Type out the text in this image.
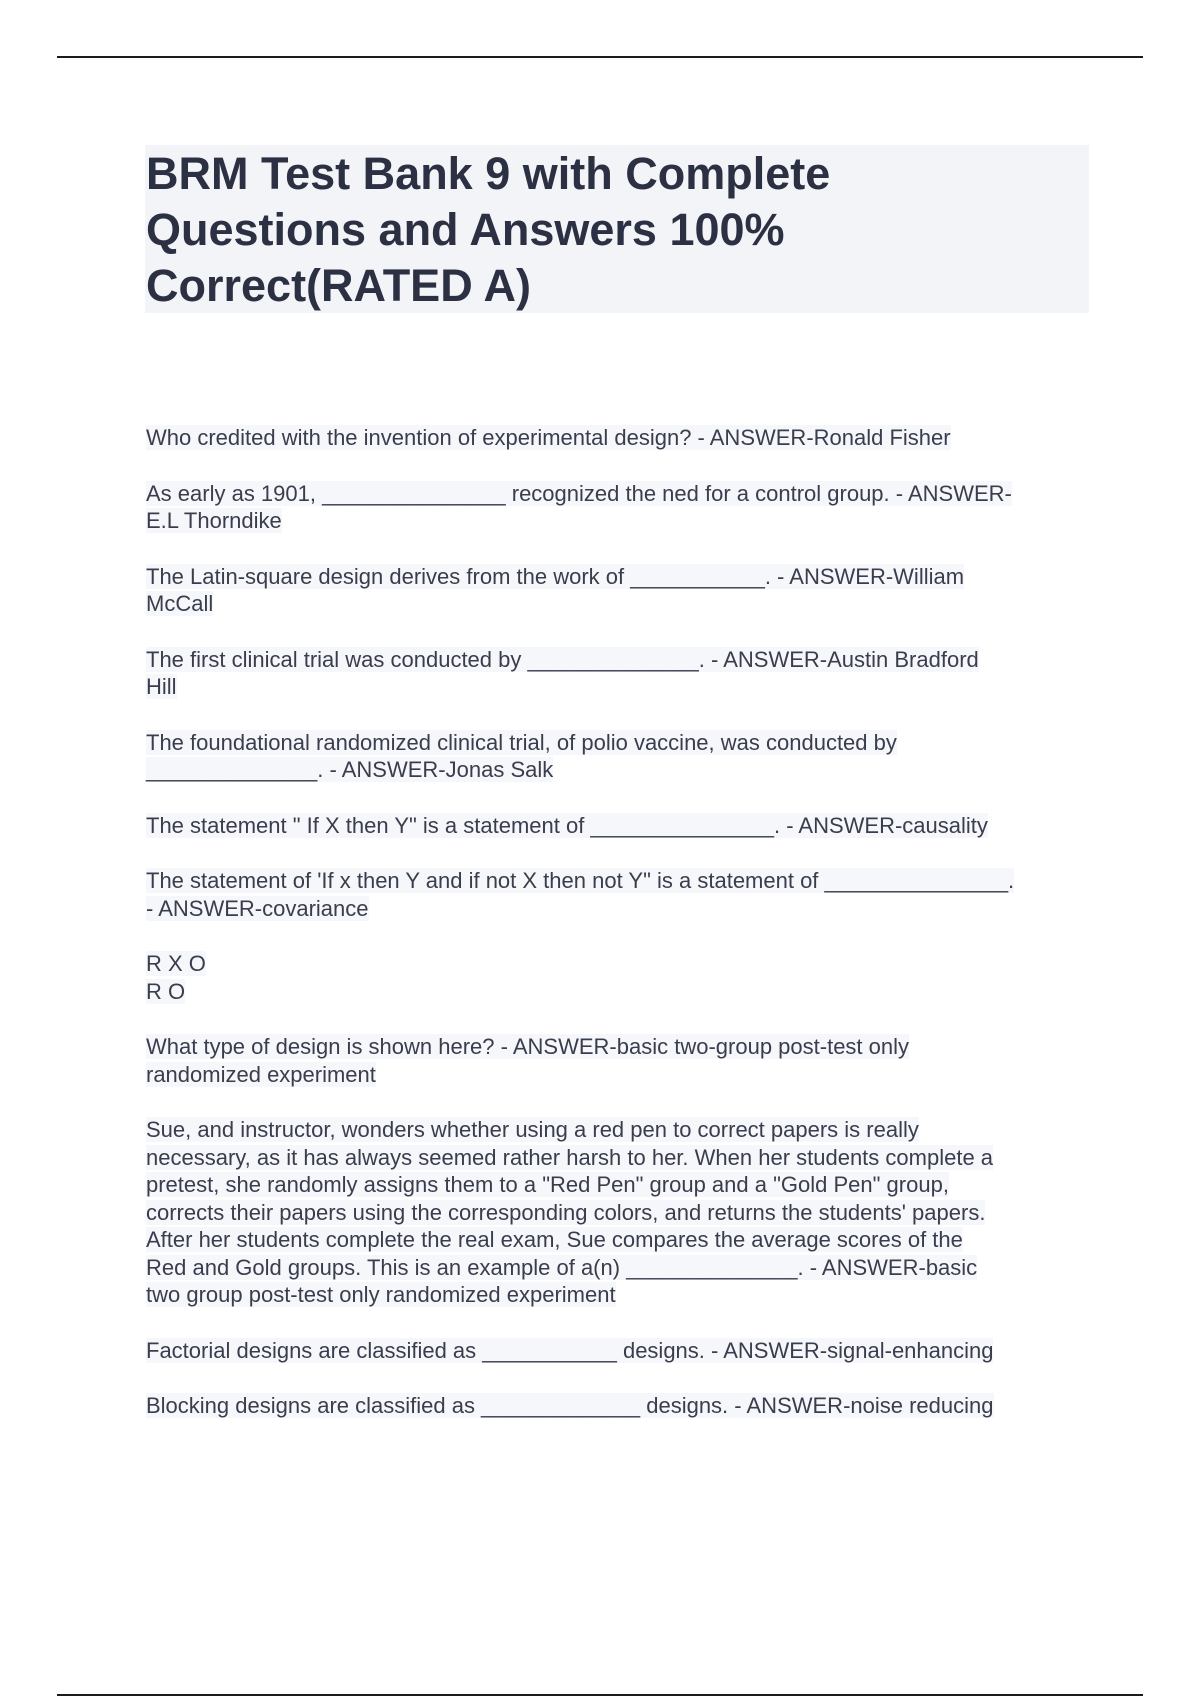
BRM Test Bank 9 with Complete Questions and Answers 100% Correct(RATED A)
Who credited with the invention of experimental design? - ANSWER-Ronald Fisher
As early as 1901, _______________ recognized the ned for a control group. - ANSWER-
E.L Thorndike
The Latin-square design derives from the work of ___________. - ANSWER-William
McCall
The first clinical trial was conducted by ______________. - ANSWER-Austin Bradford
Hill
The foundational randomized clinical trial, of polio vaccine, was conducted by
______________. - ANSWER-Jonas Salk
The statement " If X then Y" is a statement of _______________. - ANSWER-causality
The statement of 'If x then Y and if not X then not Y" is a statement of _______________.
- ANSWER-covariance
R X O
R O
What type of design is shown here? - ANSWER-basic two-group post-test only
randomized experiment
Sue, and instructor, wonders whether using a red pen to correct papers is really
necessary, as it has always seemed rather harsh to her. When her students complete a
pretest, she randomly assigns them to a "Red Pen" group and a "Gold Pen" group,
corrects their papers using the corresponding colors, and returns the students' papers.
After her students complete the real exam, Sue compares the average scores of the
Red and Gold groups. This is an example of a(n) ______________. - ANSWER-basic
two group post-test only randomized experiment
Factorial designs are classified as ___________ designs. - ANSWER-signal-enhancing
Blocking designs are classified as _____________ designs. - ANSWER-noise reducing
